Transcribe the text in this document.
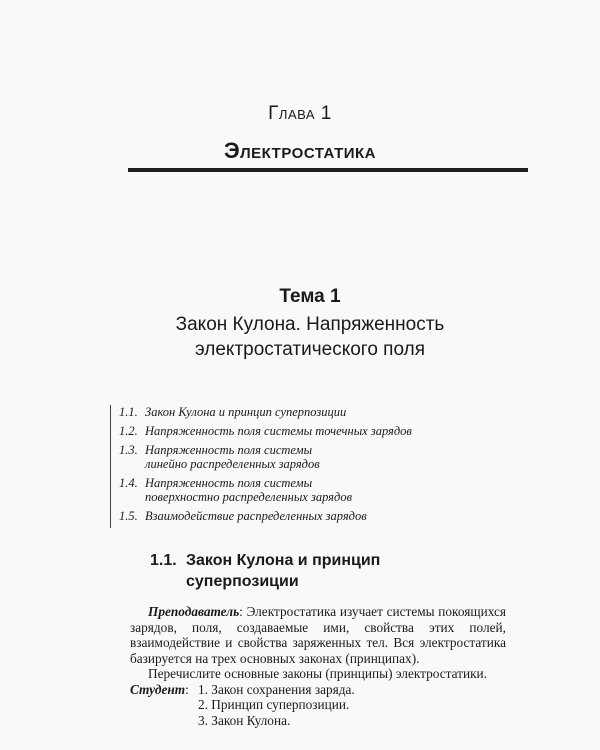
Глава 1
Электростатика
Тема 1
Закон Кулона. Напряженность
электростатического поля
1.1. Закон Кулона и принцип суперпозиции
1.2. Напряженность поля системы точечных зарядов
1.3. Напряженность поля системы
линейно распределенных зарядов
1.4. Напряженность поля системы
поверхностно распределенных зарядов
1.5. Взаимодействие распределенных зарядов
1.1. Закон Кулона и принцип
суперпозиции

Преподаватель: Электростатика изучает системы покоящихся зарядов, поля, создаваемые ими, свойства этих полей, взаимодействие и свойства заряженных тел. Вся электростатика базируется на трех основных законах (принципах).

Перечислите основные законы (принципы) электростатики.

Студент: 1. Закон сохранения заряда.
2. Принцип суперпозиции.
3. Закон Кулона.
